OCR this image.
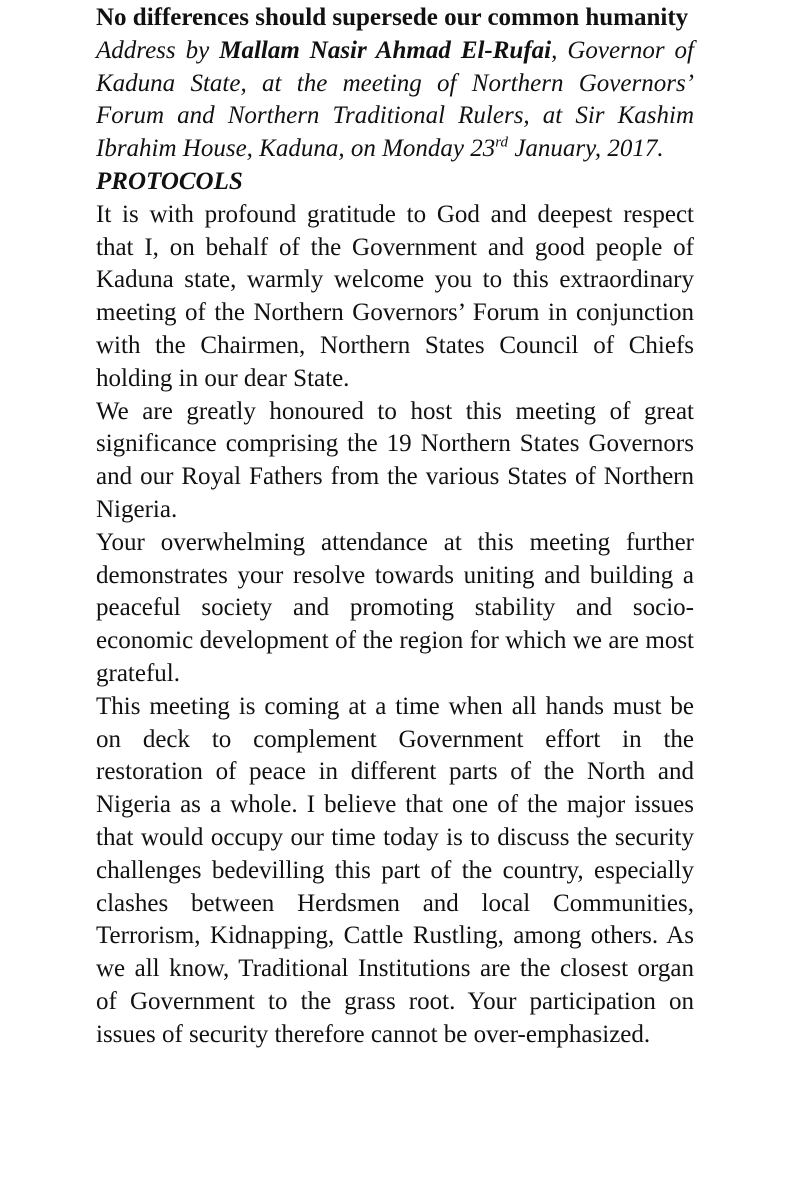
No differences should supersede our common humanity

Address by Mallam Nasir Ahmad El-Rufai, Governor of Kaduna State, at the meeting of Northern Governors’ Forum and Northern Traditional Rulers, at Sir Kashim Ibrahim House, Kaduna, on Monday 23rd January, 2017.

PROTOCOLS

It is with profound gratitude to God and deepest respect that I, on behalf of the Government and good people of Kaduna state, warmly welcome you to this extraordinary meeting of the Northern Governors’ Forum in conjunction with the Chairmen, Northern States Council of Chiefs holding in our dear State.

We are greatly honoured to host this meeting of great significance comprising the 19 Northern States Governors and our Royal Fathers from the various States of Northern Nigeria.

Your overwhelming attendance at this meeting further demonstrates your resolve towards uniting and building a peaceful society and promoting stability and socio-economic development of the region for which we are most grateful.

This meeting is coming at a time when all hands must be on deck to complement Government effort in the restoration of peace in different parts of the North and Nigeria as a whole. I believe that one of the major issues that would occupy our time today is to discuss the security challenges bedevilling this part of the country, especially clashes between Herdsmen and local Communities, Terrorism, Kidnapping, Cattle Rustling, among others. As we all know, Traditional Institutions are the closest organ of Government to the grass root. Your participation on issues of security therefore cannot be over-emphasized.
